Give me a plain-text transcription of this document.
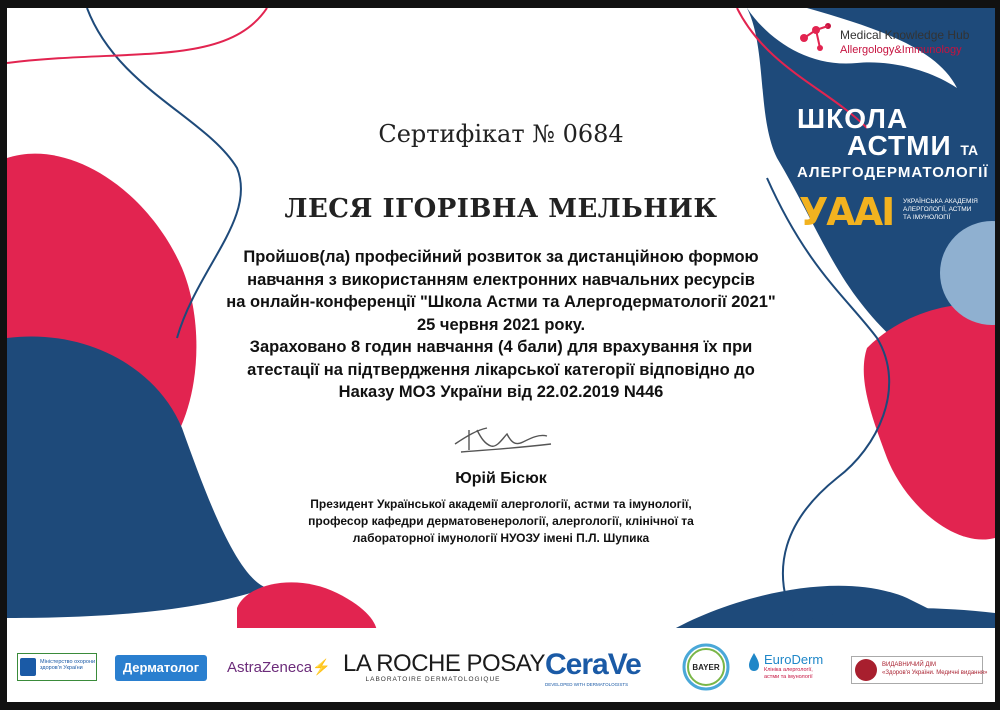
Medical Knowledge Hub
Allergology&Immunology
ШКОЛА
АСТМИ ТА
АЛЕРГОДЕРМАТОЛОГІЇ
УААІ УКРАЇНСЬКА АКАДЕМІЯ
АЛЕРГОЛОГІЇ, АСТМИ
ТА ІМУНОЛОГІЇ
Сертифікат № 0684
ЛЕСЯ ІГОРІВНА МЕЛЬНИК
Пройшов(ла) професійний розвиток за дистанційною формою
навчання з використанням електронних навчальних ресурсів
на онлайн-конференції "Школа Астми та Алергодерматології 2021"
25 червня 2021 року.
Зараховано 8 годин навчання (4 бали) для врахування їх при
атестації на підтвердження лікарської категорії відповідно до
Наказу МОЗ України від 22.02.2019 N446
Юрій Бісюк
Президент Української академії алергології, астми та імунології,
професор кафедри дерматовенерології, алергології, клінічної та
лабораторної імунології НУОЗУ імені П.Л. Шупика
Міністерство охорони
здоров'я України	Дерматолог	AstraZeneca⚡ LA ROCHE POSAY
LABORATOIRE DERMATOLOGIQUE	CeraVe
DEVELOPED WITH DERMATOLOGISTS
BAYER
EuroDerm
Клініка алергології,
астми та імунології
ВИДАВНИЧИЙ ДІМ
«Здоров'я України. Медичні видання»
